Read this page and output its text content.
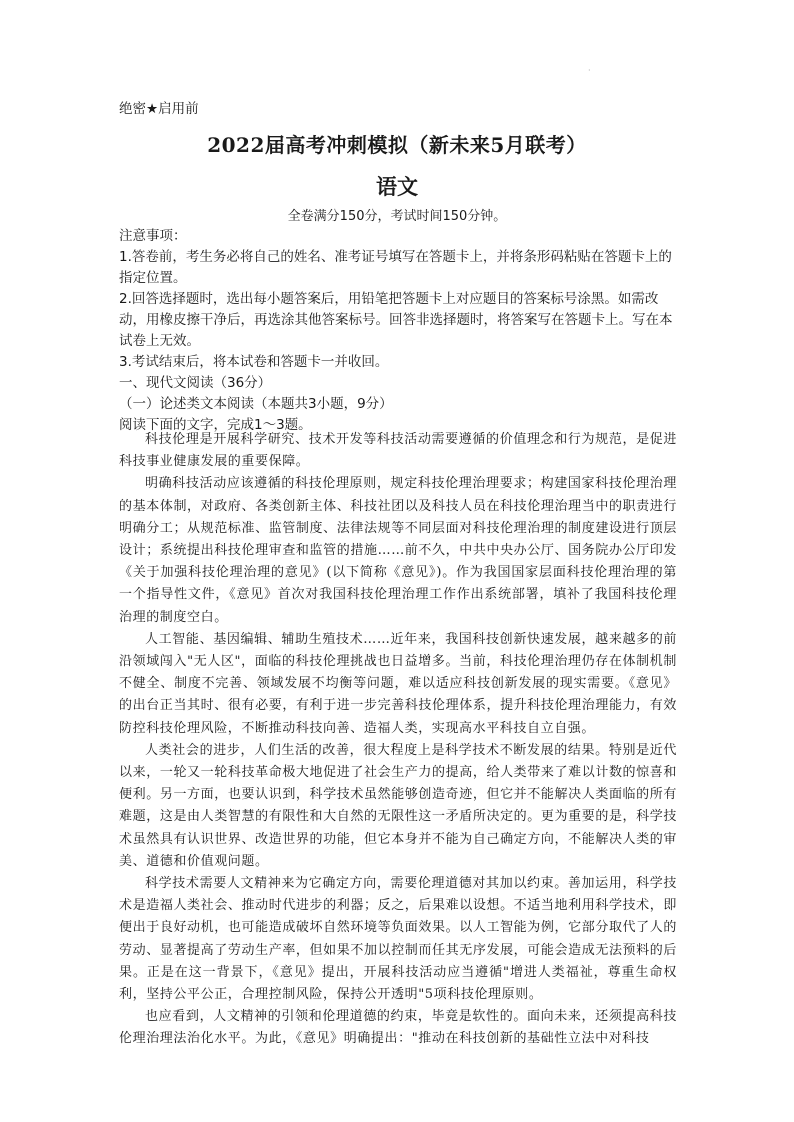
·
绝密★启用前
2022届高考冲刺模拟（新未来5月联考）
语文
全卷满分150分，考试时间150分钟。

注意事项：

1.答卷前，考生务必将自己的姓名、准考证号填写在答题卡上，并将条形码粘贴在答题卡上的指定位置。

2.回答选择题时，选出每小题答案后，用铅笔把答题卡上对应题目的答案标号涂黑。如需改动，用橡皮擦干净后，再选涂其他答案标号。回答非选择题时，将答案写在答题卡上。写在本试卷上无效。

3.考试结束后，将本试卷和答题卡一并收回。

一、现代文阅读（36分）

（一）论述类文本阅读（本题共3小题，9分）

阅读下面的文字，完成1～3题。

科技伦理是开展科学研究、技术开发等科技活动需要遵循的价值理念和行为规范，是促进科技事业健康发展的重要保障。

明确科技活动应该遵循的科技伦理原则，规定科技伦理治理要求；构建国家科技伦理治理的基本体制，对政府、各类创新主体、科技社团以及科技人员在科技伦理治理当中的职责进行明确分工；从规范标准、监管制度、法律法规等不同层面对科技伦理治理的制度建设进行顶层设计；系统提出科技伦理审查和监管的措施……前不久，中共中央办公厅、国务院办公厅印发《关于加强科技伦理治理的意见》(以下简称《意见》)。作为我国国家层面科技伦理治理的第一个指导性文件，《意见》首次对我国科技伦理治理工作作出系统部署，填补了我国科技伦理治理的制度空白。

人工智能、基因编辑、辅助生殖技术……近年来，我国科技创新快速发展，越来越多的前沿领域闯入"无人区"，面临的科技伦理挑战也日益增多。当前，科技伦理治理仍存在体制机制不健全、制度不完善、领域发展不均衡等问题，难以适应科技创新发展的现实需要。《意见》的出台正当其时、很有必要，有利于进一步完善科技伦理体系，提升科技伦理治理能力，有效防控科技伦理风险，不断推动科技向善、造福人类，实现高水平科技自立自强。

人类社会的进步，人们生活的改善，很大程度上是科学技术不断发展的结果。特别是近代以来，一轮又一轮科技革命极大地促进了社会生产力的提高，给人类带来了难以计数的惊喜和便利。另一方面，也要认识到，科学技术虽然能够创造奇迹，但它并不能解决人类面临的所有难题，这是由人类智慧的有限性和大自然的无限性这一矛盾所决定的。更为重要的是，科学技术虽然具有认识世界、改造世界的功能，但它本身并不能为自己确定方向，不能解决人类的审美、道德和价值观问题。

科学技术需要人文精神来为它确定方向，需要伦理道德对其加以约束。善加运用，科学技术是造福人类社会、推动时代进步的利器；反之，后果难以设想。不适当地利用科学技术，即便出于良好动机，也可能造成破坏自然环境等负面效果。以人工智能为例，它部分取代了人的劳动、显著提高了劳动生产率，但如果不加以控制而任其无序发展，可能会造成无法预料的后果。正是在这一背景下，《意见》提出，开展科技活动应当遵循"增进人类福祉，尊重生命权利，坚持公平公正，合理控制风险，保持公开透明"5项科技伦理原则。

也应看到，人文精神的引领和伦理道德的约束，毕竟是软性的。面向未来，还须提高科技伦理治理法治化水平。为此，《意见》明确提出："推动在科技创新的基础性立法中对科技
